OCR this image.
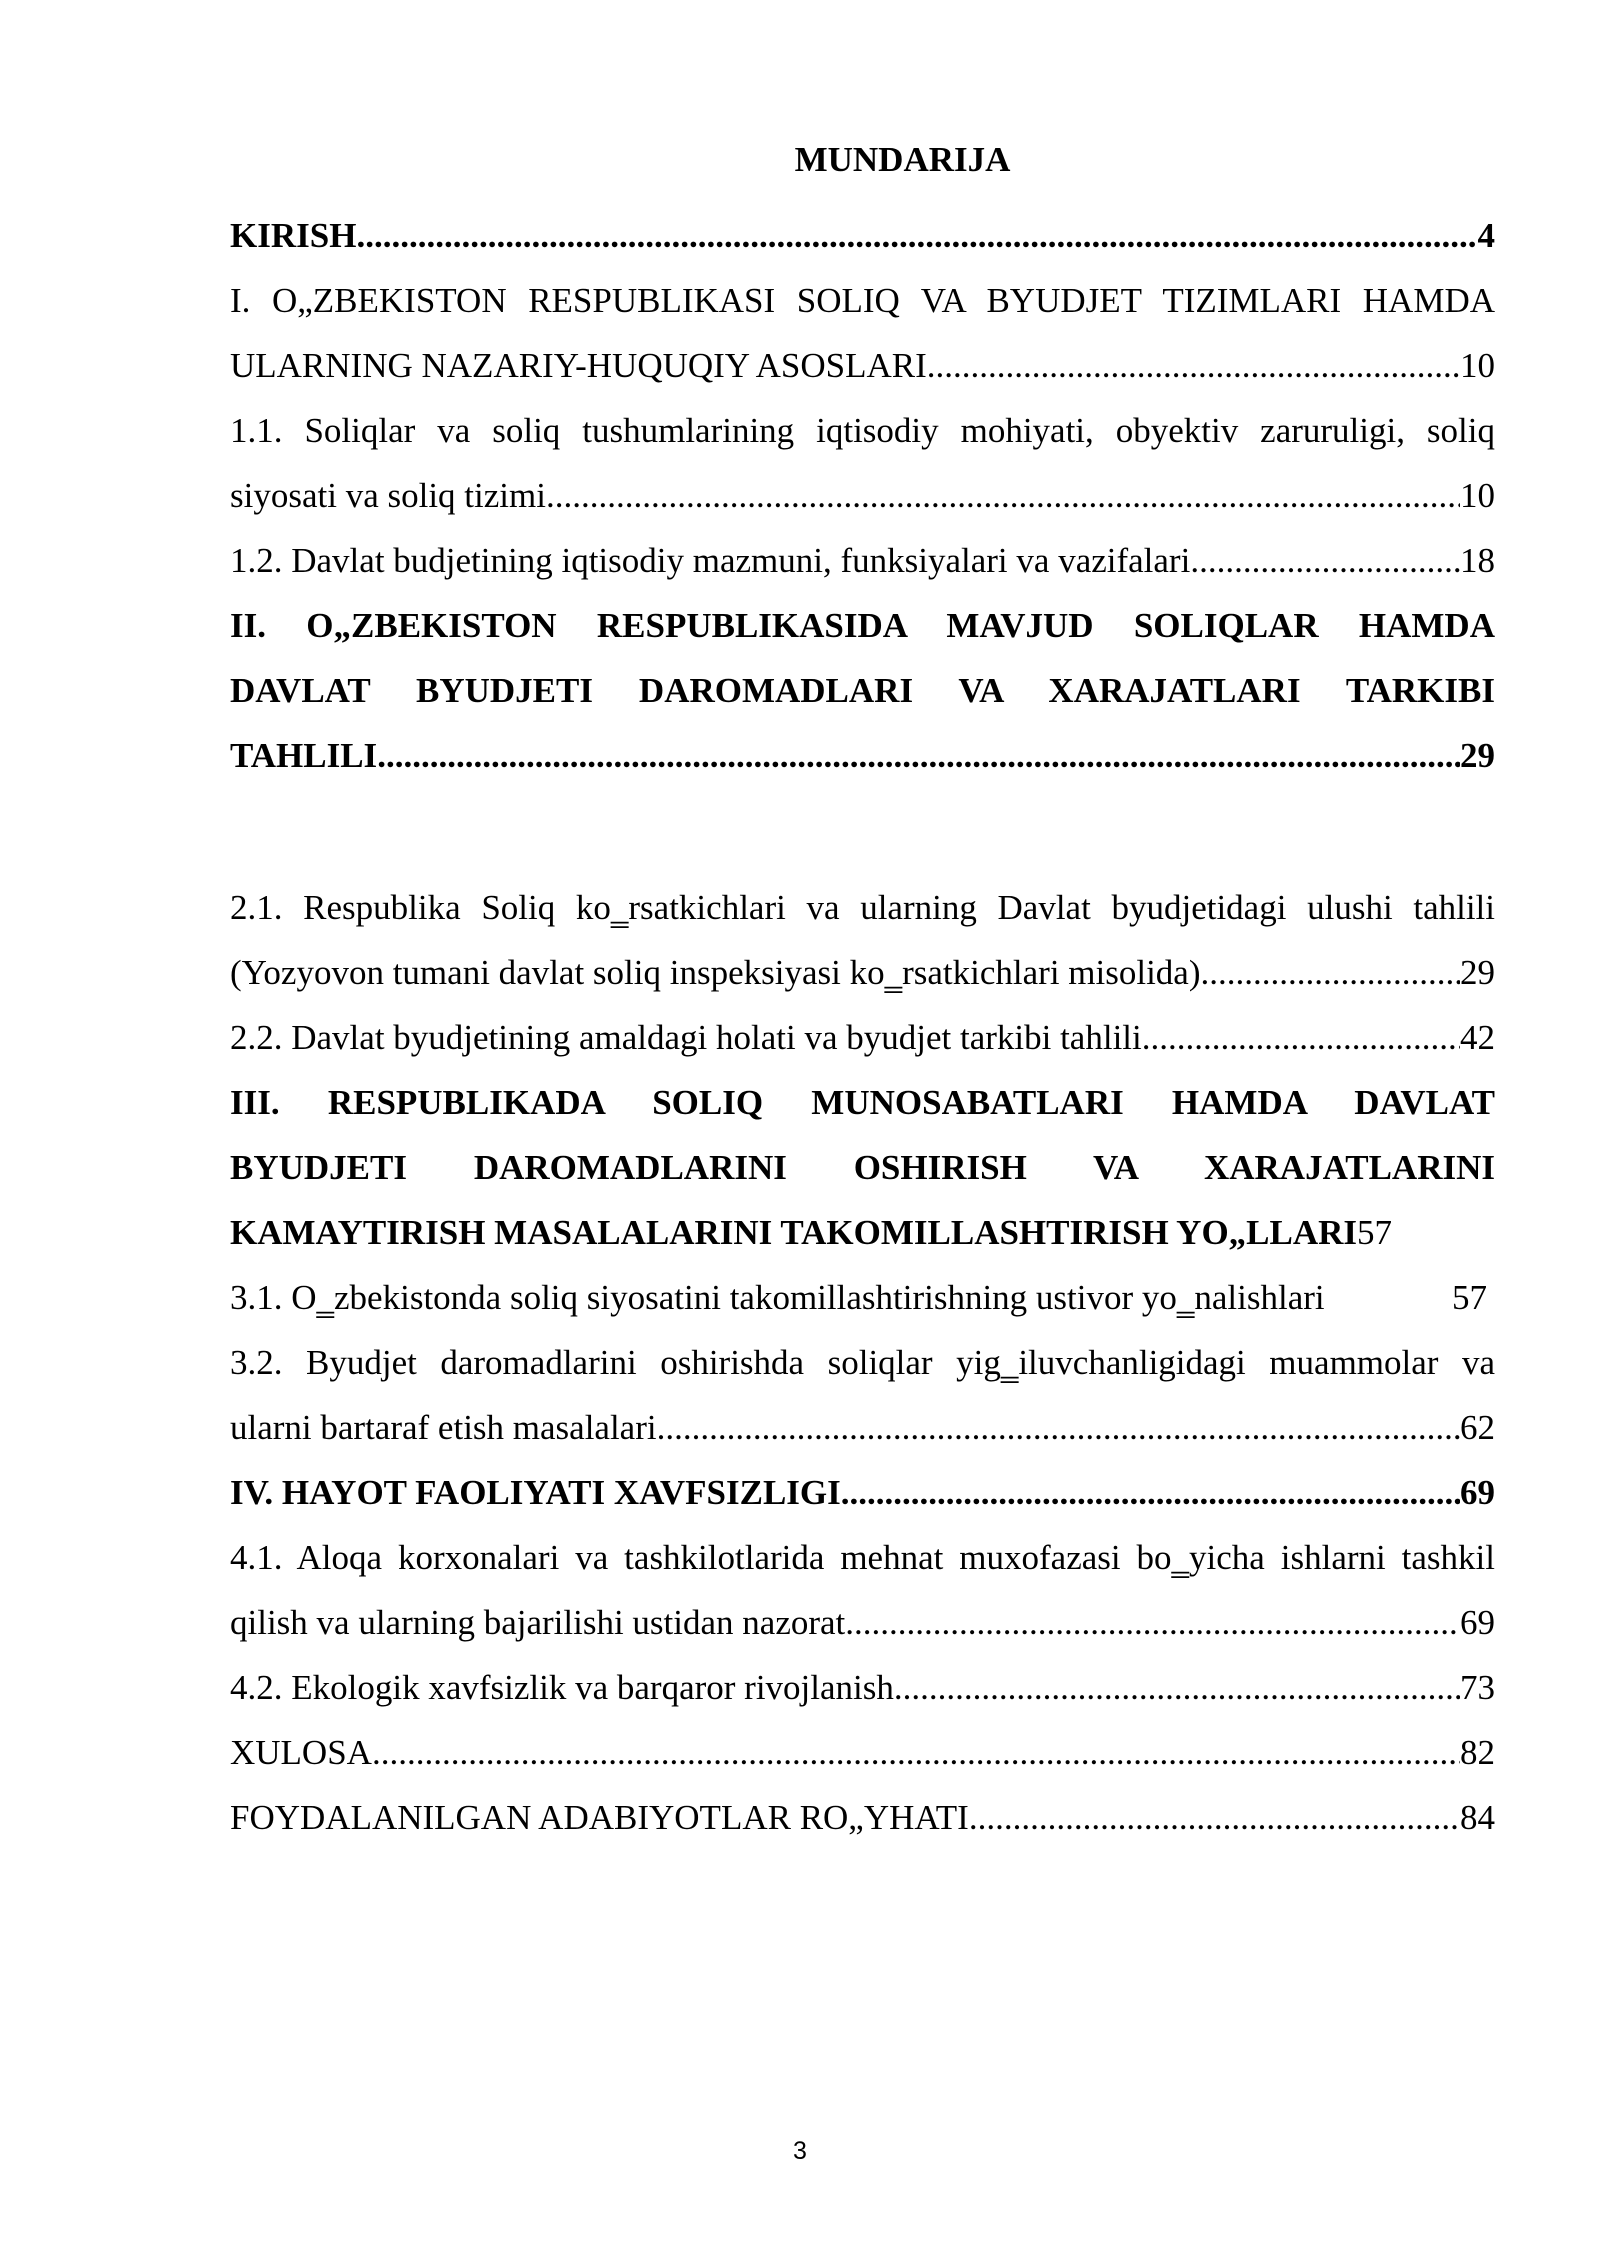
MUNDARIJA
KIRISH .....	4
I. O„ZBEKISTON RESPUBLIKASI SOLIQ VA BYUDJET TIZIMLARI HAMDA
ULARNING NAZARIY-HUQUQIY ASOSLARI .....	10
1.1. Soliqlar va soliq tushumlarining iqtisodiy mohiyati, obyektiv zaruruligi, soliq
siyosati va soliq tizimi .....	10
1.2. Davlat budjetining iqtisodiy mazmuni, funksiyalari va vazifalari .....	18
II. O„ZBEKISTON RESPUBLIKASIDA MAVJUD SOLIQLAR HAMDA
DAVLAT BYUDJETI DAROMADLARI VA XARAJATLARI TARKIBI
TAHLILI .....	29
2.1. Respublika Soliq ko‗rsatkichlari va ularning Davlat byudjetidagi ulushi tahlili
(Yozyovon tumani davlat soliq inspeksiyasi ko‗rsatkichlari misolida) .....	29
2.2. Davlat byudjetining amaldagi holati va byudjet tarkibi tahlili .....	42
III. RESPUBLIKADA SOLIQ MUNOSABATLARI HAMDA DAVLAT
BYUDJETI DAROMADLARINI OSHIRISH VA XARAJATLARINI
KAMAYTIRISH MASALALARINI TAKOMILLASHTIRISH YO„LLARI 57
3.1. O‗zbekistonda soliq siyosatini takomillashtirishning ustivor yo‗nalishlari	57
3.2. Byudjet daromadlarini oshirishda soliqlar yig‗iluvchanligidagi muammolar va
ularni bartaraf etish masalalari .....	62
IV. HAYOT FAOLIYATI XAVFSIZLIGI .....	69
4.1. Aloqa korxonalari va tashkilotlarida mehnat muxofazasi bo‗yicha ishlarni tashkil
qilish va ularning bajarilishi ustidan nazorat .....	69
4.2. Ekologik xavfsizlik va barqaror rivojlanish .....	73
XULOSA .....	82
FOYDALANILGAN ADABIYOTLAR RO„YHATI .....	84
3
